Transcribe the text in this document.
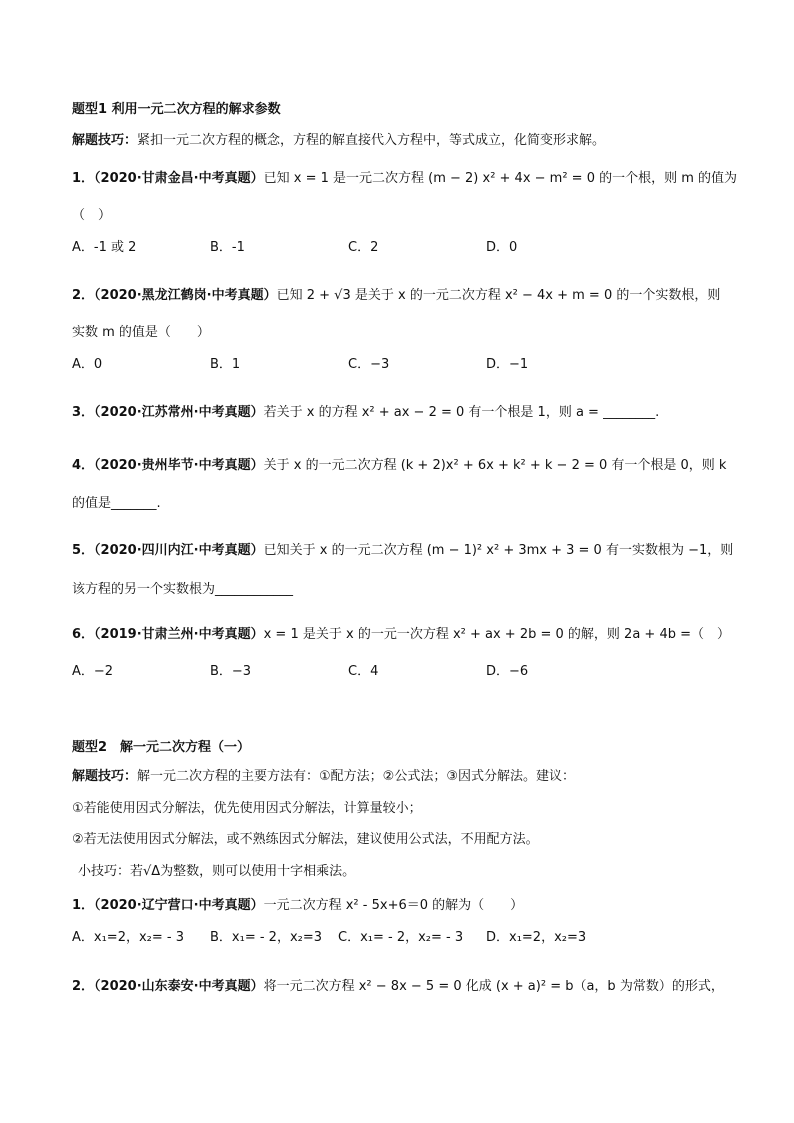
题型1 利用一元二次方程的解求参数
解题技巧：紧扣一元二次方程的概念，方程的解直接代入方程中，等式成立，化简变形求解。
1．（2020·甘肃金昌·中考真题）已知 x = 1 是一元二次方程 (m − 2) x² + 4x − m² = 0 的一个根，则 m 的值为
（　）
A．-1 或 2	B．-1	C．2	D．0
2．（2020·黑龙江鹤岗·中考真题）已知 2 + √3 是关于 x 的一元二次方程 x² − 4x + m = 0 的一个实数根，则
实数 m 的值是（　　）
A．0	B．1	C．−3	D．−1
3．（2020·江苏常州·中考真题）若关于 x 的方程 x² + ax − 2 = 0 有一个根是 1，则 a = ________.
4．（2020·贵州毕节·中考真题）关于 x 的一元二次方程 (k + 2)x² + 6x + k² + k − 2 = 0 有一个根是 0，则 k
的值是_______.
5．（2020·四川内江·中考真题）已知关于 x 的一元二次方程 (m − 1)² x² + 3mx + 3 = 0 有一实数根为 −1，则
该方程的另一个实数根为____________
6．（2019·甘肃兰州·中考真题）x = 1 是关于 x 的一元一次方程 x² + ax + 2b = 0 的解，则 2a + 4b =（　）
A．−2	B．−3	C．4	D．−6
题型2　解一元二次方程（一）
解题技巧：解一元二次方程的主要方法有：①配方法；②公式法；③因式分解法。建议：
①若能使用因式分解法，优先使用因式分解法，计算量较小；
②若无法使用因式分解法，或不熟练因式分解法，建议使用公式法，不用配方法。
小技巧：若√Δ为整数，则可以使用十字相乘法。
1．（2020·辽宁营口·中考真题）一元二次方程 x² - 5x+6＝0 的解为（　　）
A．x₁=2，x₂= - 3 B．x₁= - 2，x₂=3 C．x₁= - 2，x₂= - 3 D．x₁=2，x₂=3
2．（2020·山东泰安·中考真题）将一元二次方程 x² − 8x − 5 = 0 化成 (x + a)² = b（a，b 为常数）的形式，
